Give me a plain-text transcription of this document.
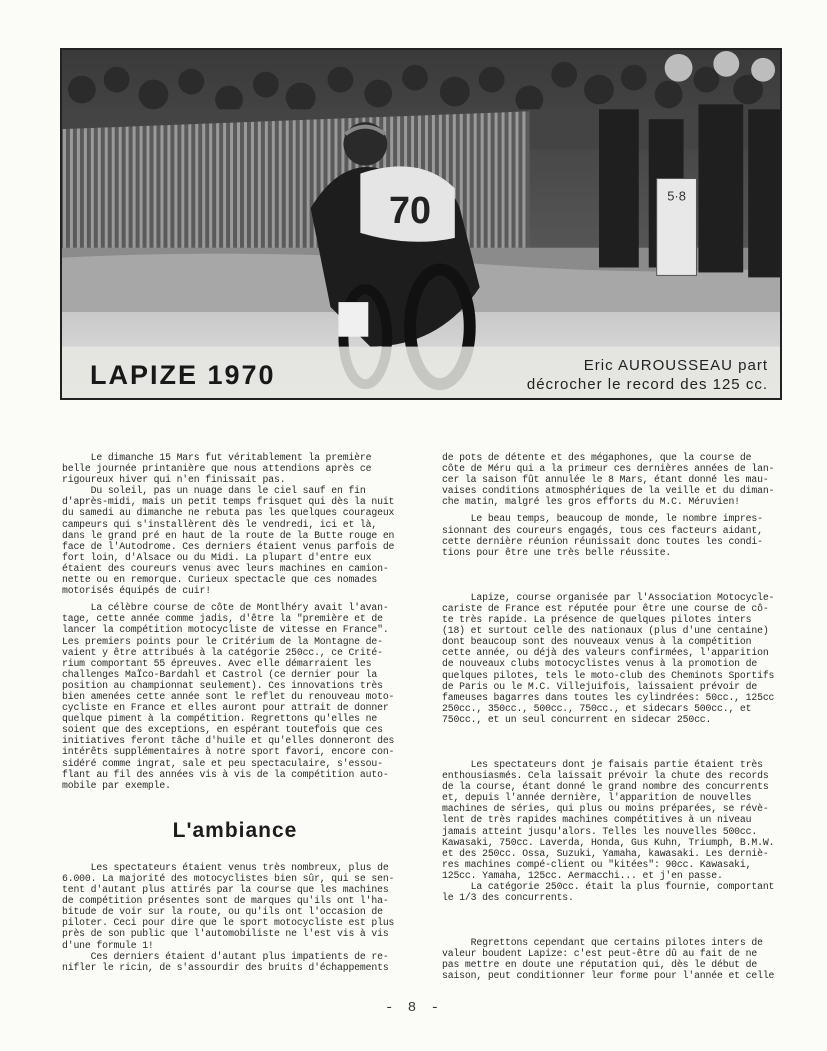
5·8
70
LAPIZE 1970	Eric AUROUSSEAU part
décrocher le record des 125 cc.

Le dimanche 15 Mars fut véritablement la première

belle journée printanière que nous attendions après ce

rigoureux hiver qui n'en finissait pas.

Du soleil, pas un nuage dans le ciel sauf en fin

d'après-midi, mais un petit temps frisquet qui dès la nuit

du samedi au dimanche ne rebuta pas les quelques courageux

campeurs qui s'installèrent dès le vendredi, ici et là,

dans le grand pré en haut de la route de la Butte rouge en

face de l'Autodrome. Ces derniers étaient venus parfois de

fort loin, d'Alsace ou du Midi. La plupart d'entre eux

étaient des coureurs venus avec leurs machines en camion-

nette ou en remorque. Curieux spectacle que ces nomades

motorisés équipés de cuir!

La célèbre course de côte de Montlhéry avait l'avan-

tage, cette année comme jadis, d'être la "première et de

lancer la compétition motocycliste de vitesse en France".

Les premiers points pour le Critérium de la Montagne de-

vaient y être attribués à la catégorie 250cc., ce Crité-

rium comportant 55 épreuves. Avec elle démarraient les

challenges MaÏco-Bardahl et Castrol (ce dernier pour la

position au championnat seulement). Ces innovations très

bien amenées cette année sont le reflet du renouveau moto-

cycliste en France et elles auront pour attrait de donner

quelque piment à la compétition. Regrettons qu'elles ne

soient que des exceptions, en espérant toutefois que ces

initiatives feront tâche d'huile et qu'elles donneront des

intérêts supplémentaires à notre sport favori, encore con-

sidéré comme ingrat, sale et peu spectaculaire, s'essou-

flant au fil des années vis à vis de la compétition auto-

mobile par exemple.

L'ambiance

Les spectateurs étaient venus très nombreux, plus de

6.000. La majorité des motocyclistes bien sûr, qui se sen-

tent d'autant plus attirés par la course que les machines

de compétition présentes sont de marques qu'ils ont l'ha-

bitude de voir sur la route, ou qu'ils ont l'occasion de

piloter. Ceci pour dire que le sport motocycliste est plus

près de son public que l'automobiliste ne l'est vis à vis

d'une formule 1!

Ces derniers étaient d'autant plus impatients de re-

nifler le ricin, de s'assourdir des bruits d'échappements

de pots de détente et des mégaphones, que la course de

côte de Méru qui a la primeur ces dernières années de lan-

cer la saison fût annulée le 8 Mars, étant donné les mau-

vaises conditions atmosphériques de la veille et du diman-

che matin, malgré les gros efforts du M.C. Méruvien!

Le beau temps, beaucoup de monde, le nombre impres-

sionnant des coureurs engagés, tous ces facteurs aidant,

cette dernière réunion réunissait donc toutes les condi-

tions pour être une très belle réussite.

Lapize, course organisée par l'Association Motocycle-

cariste de France est réputée pour être une course de cô-

te très rapide. La présence de quelques pilotes inters

(18) et surtout celle des nationaux (plus d'une centaine)

dont beaucoup sont des nouveaux venus à la compétition

cette année, ou déjà des valeurs confirmées, l'apparition

de nouveaux clubs motocyclistes venus à la promotion de

quelques pilotes, tels le moto-club des Cheminots Sportifs

de Paris ou le M.C. Villejuifois, laissaient prévoir de

fameuses bagarres dans toutes les cylindrées: 50cc., 125cc

250cc., 350cc., 500cc., 750cc., et sidecars 500cc., et

750cc., et un seul concurrent en sidecar 250cc.

Les spectateurs dont je faisais partie étaient très

enthousiasmés. Cela laissait prévoir la chute des records

de la course, étant donné le grand nombre des concurrents

et, depuis l'année dernière, l'apparition de nouvelles

machines de séries, qui plus ou moins préparées, se révè-

lent de très rapides machines compétitives à un niveau

jamais atteint jusqu'alors. Telles les nouvelles 500cc.

Kawasaki, 750cc. Laverda, Honda, Gus Kuhn, Triumph, B.M.W.

et des 250cc. Ossa, Suzuki, Yamaha, kawasaki. Les derniè-

res machines compé-client ou "kitées": 90cc. Kawasaki,

125cc. Yamaha, 125cc. Aermacchi... et j'en passe.

La catégorie 250cc. était la plus fournie, comportant

le 1/3 des concurrents.

Regrettons cependant que certains pilotes inters de

valeur boudent Lapize: c'est peut-être dû au fait de ne

pas mettre en doute une réputation qui, dès le début de

saison, peut conditionner leur forme pour l'année et celle

- 8 -
